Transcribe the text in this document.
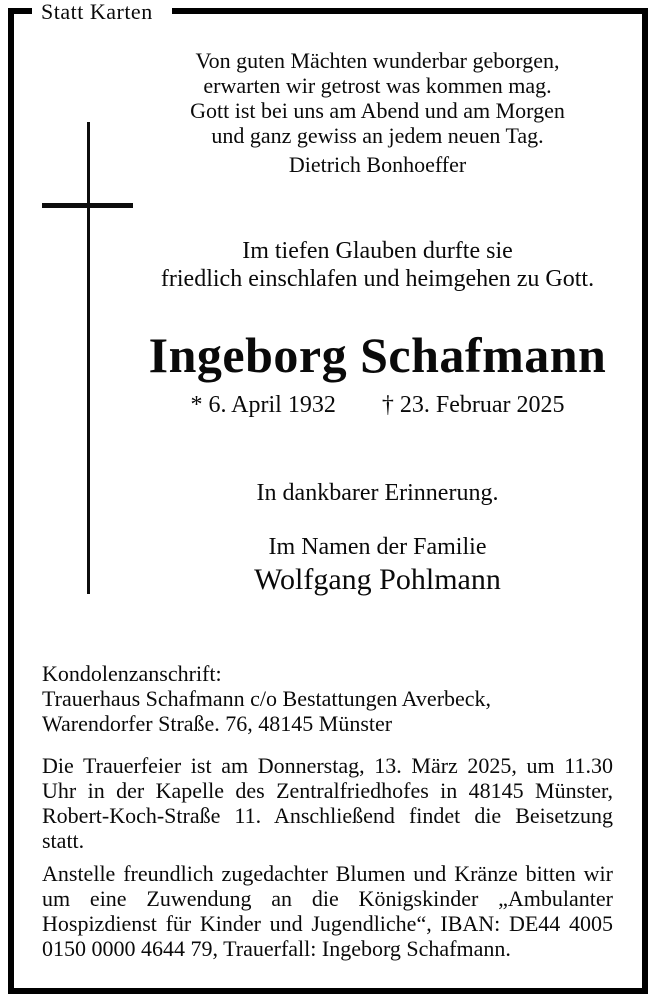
Statt Karten
Von guten Mächten wunderbar geborgen,
erwarten wir getrost was kommen mag.
Gott ist bei uns am Abend und am Morgen
und ganz gewiss an jedem neuen Tag.
Dietrich Bonhoeffer
Im tiefen Glauben durfte sie
friedlich einschlafen und heimgehen zu Gott.
Ingeborg Schafmann
* 6. April 1932 † 23. Februar 2025
In dankbarer Erinnerung.
Im Namen der Familie
Wolfgang Pohlmann

Kondolenzanschrift:
Trauerhaus Schafmann c/o Bestattungen Averbeck,
Warendorfer Straße. 76, 48145 Münster

Die Trauerfeier ist am Donnerstag, 13. März 2025, um 11.30 Uhr in der Kapelle des Zentralfriedhofes in 48145 Münster, Robert-Koch-Straße 11. Anschließend findet die Beisetzung statt.

Anstelle freundlich zugedachter Blumen und Kränze bitten wir um eine Zuwendung an die Königskinder „Ambulanter Hospizdienst für Kinder und Jugendliche“, IBAN: DE44 4005 0150 0000 4644 79, Trauerfall: Ingeborg Schafmann.
